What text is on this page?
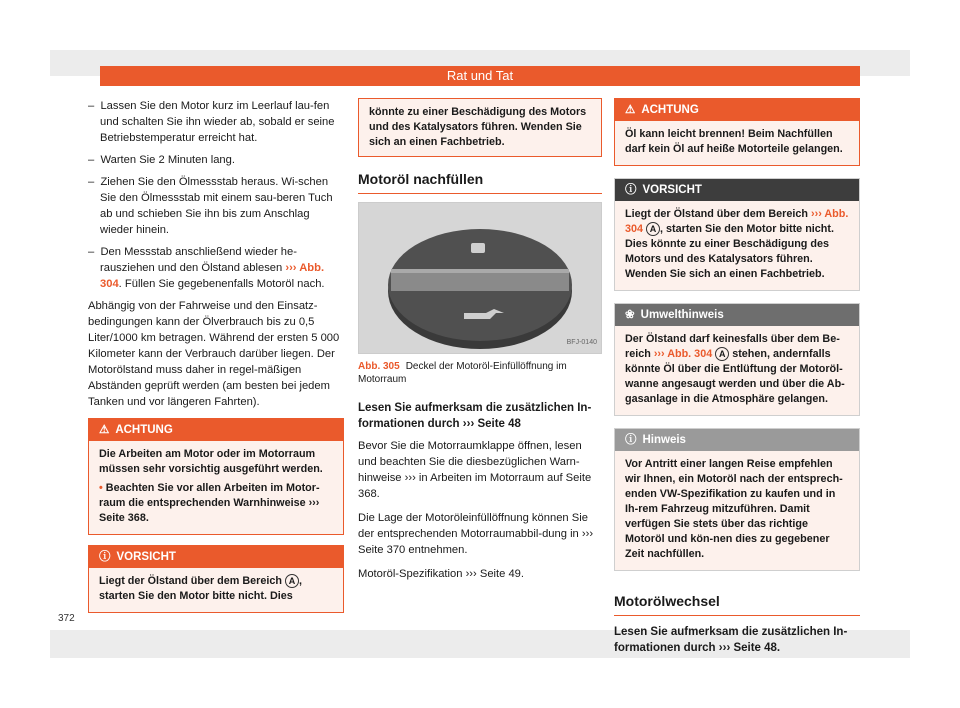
Rat und Tat
–  Lassen Sie den Motor kurz im Leerlauf lau-fen und schalten Sie ihn wieder ab, sobald er seine Betriebstemperatur erreicht hat.
–  Warten Sie 2 Minuten lang.
–  Ziehen Sie den Ölmessstab heraus. Wi-schen Sie den Ölmessstab mit einem sau-beren Tuch ab und schieben Sie ihn bis zum Anschlag wieder hinein.
–  Den Messstab anschließend wieder he-rausziehen und den Ölstand ablesen ››› Abb. 304. Füllen Sie gegebenenfalls Motoröl nach.

Abhängig von der Fahrweise und den Einsatz-bedingungen kann der Ölverbrauch bis zu 0,5 Liter/1000 km betragen. Während der ersten 5 000 Kilometer kann der Verbrauch darüber liegen. Der Motorölstand muss daher in regel-mäßigen Abständen geprüft werden (am besten bei jedem Tanken und vor längeren Fahrten).

⚠ ACHTUNG
Die Arbeiten am Motor oder im Motorraum müssen sehr vorsichtig ausgeführt werden.
• Beachten Sie vor allen Arbeiten im Motor-raum die entsprechenden Warnhinweise ››› Seite 368.
ⓘ VORSICHT
Liegt der Ölstand über dem Bereich A , starten Sie den Motor bitte nicht. Dies
könnte zu einer Beschädigung des Motors und des Katalysators führen. Wenden Sie sich an einen Fachbetrieb.
Motoröl nachfüllen
BFJ-0140
Abb. 305 Deckel der Motoröl-Einfüllöffnung im Motorraum
Lesen Sie aufmerksam die zusätzlichen In-formationen durch ››› Seite 48

Bevor Sie die Motorraumklappe öffnen, lesen und beachten Sie die diesbezüglichen Warn-hinweise ››› in Arbeiten im Motorraum auf Seite 368.

Die Lage der Motoröleinfüllöffnung können Sie der entsprechenden Motorraumabbil-dung in ››› Seite 370 entnehmen.

Motoröl-Spezifikation ››› Seite 49.

⚠ ACHTUNG
Öl kann leicht brennen! Beim Nachfüllen darf kein Öl auf heiße Motorteile gelangen.
ⓘ VORSICHT
Liegt der Ölstand über dem Bereich ››› Abb. 304 A , starten Sie den Motor bitte nicht. Dies könnte zu einer Beschädigung des Motors und des Katalysators führen. Wenden Sie sich an einen Fachbetrieb.
❀ Umwelthinweis
Der Ölstand darf keinesfalls über dem Be-reich ››› Abb. 304 A stehen, andernfalls könnte Öl über die Entlüftung der Motoröl-wanne angesaugt werden und über die Ab-gasanlage in die Atmosphäre gelangen.
ⓘ Hinweis
Vor Antritt einer langen Reise empfehlen wir Ihnen, ein Motoröl nach der entsprech-enden VW-Spezifikation zu kaufen und in Ih-rem Fahrzeug mitzuführen. Damit verfügen Sie stets über das richtige Motoröl und kön-nen dies zu gegebener Zeit nachfüllen.
Motorölwechsel
Lesen Sie aufmerksam die zusätzlichen In-formationen durch ››› Seite 48.
372
